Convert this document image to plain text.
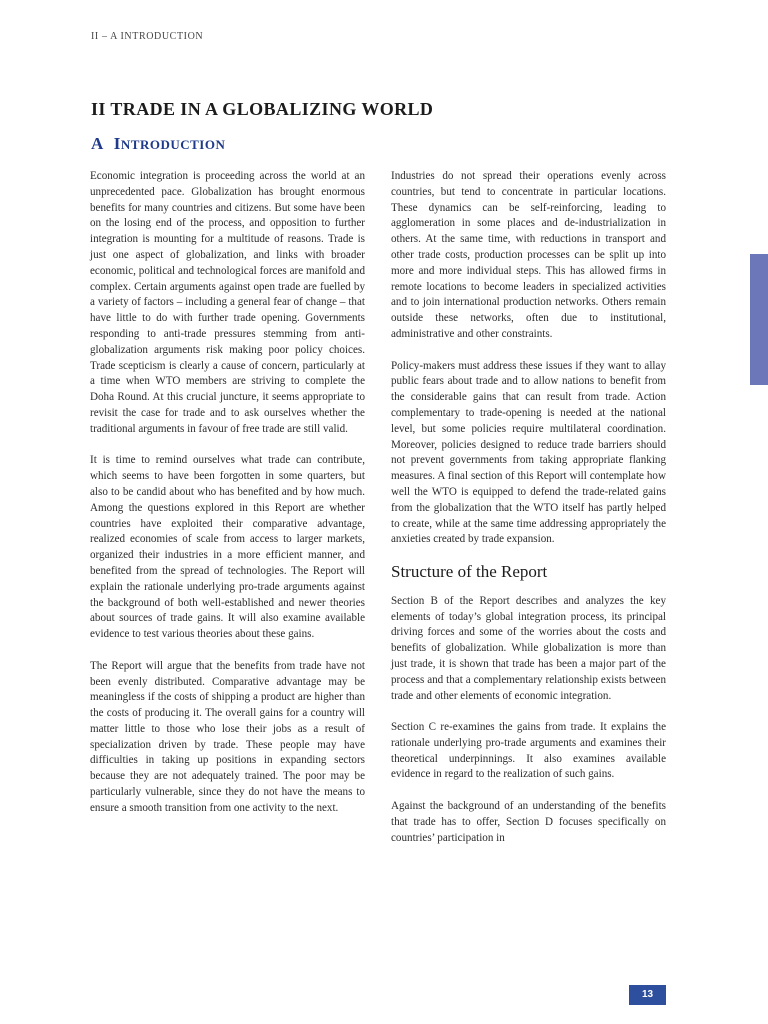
II – A INTRODUCTION
II TRADE IN A GLOBALIZING WORLD
A INTRODUCTION

Economic integration is proceeding across the world at an unprecedented pace. Globalization has brought enormous benefits for many countries and citizens. But some have been on the losing end of the process, and opposition to further integration is mounting for a multitude of reasons. Trade is just one aspect of globalization, and links with broader economic, political and technological forces are manifold and complex. Certain arguments against open trade are fuelled by a variety of factors – including a general fear of change – that have little to do with further trade opening. Governments responding to anti-trade pressures stemming from anti-globalization arguments risk making poor policy choices. Trade scepticism is clearly a cause of concern, particularly at a time when WTO members are striving to complete the Doha Round. At this crucial juncture, it seems appropriate to revisit the case for trade and to ask ourselves whether the traditional arguments in favour of free trade are still valid.

It is time to remind ourselves what trade can contribute, which seems to have been forgotten in some quarters, but also to be candid about who has benefited and by how much. Among the questions explored in this Report are whether countries have exploited their comparative advantage, realized economies of scale from access to larger markets, organized their industries in a more efficient manner, and benefited from the spread of technologies. The Report will explain the rationale underlying pro-trade arguments against the background of both well-established and newer theories about sources of trade gains. It will also examine available evidence to test various theories about these gains.

The Report will argue that the benefits from trade have not been evenly distributed. Comparative advantage may be meaningless if the costs of shipping a product are higher than the costs of producing it. The overall gains for a country will matter little to those who lose their jobs as a result of specialization driven by trade. These people may have difficulties in taking up positions in expanding sectors because they are not adequately trained. The poor may be particularly vulnerable, since they do not have the means to ensure a smooth transition from one activity to the next.

Industries do not spread their operations evenly across countries, but tend to concentrate in particular locations. These dynamics can be self-reinforcing, leading to agglomeration in some places and de-industrialization in others. At the same time, with reductions in transport and other trade costs, production processes can be split up into more and more individual steps. This has allowed firms in remote locations to become leaders in specialized activities and to join international production networks. Others remain outside these networks, often due to institutional, administrative and other constraints.

Policy-makers must address these issues if they want to allay public fears about trade and to allow nations to benefit from the considerable gains that can result from trade. Action complementary to trade-opening is needed at the national level, but some policies require multilateral coordination. Moreover, policies designed to reduce trade barriers should not prevent governments from taking appropriate flanking measures. A final section of this Report will contemplate how well the WTO is equipped to defend the trade-related gains from the globalization that the WTO itself has partly helped to create, while at the same time addressing appropriately the anxieties created by trade expansion.

Structure of the Report

Section B of the Report describes and analyzes the key elements of today’s global integration process, its principal driving forces and some of the worries about the costs and benefits of globalization. While globalization is more than just trade, it is shown that trade has been a major part of the process and that a complementary relationship exists between trade and other elements of economic integration.

Section C re-examines the gains from trade. It explains the rationale underlying pro-trade arguments and examines their theoretical underpinnings. It also examines available evidence in regard to the realization of such gains.

Against the background of an understanding of the benefits that trade has to offer, Section D focuses specifically on countries’ participation in

13
